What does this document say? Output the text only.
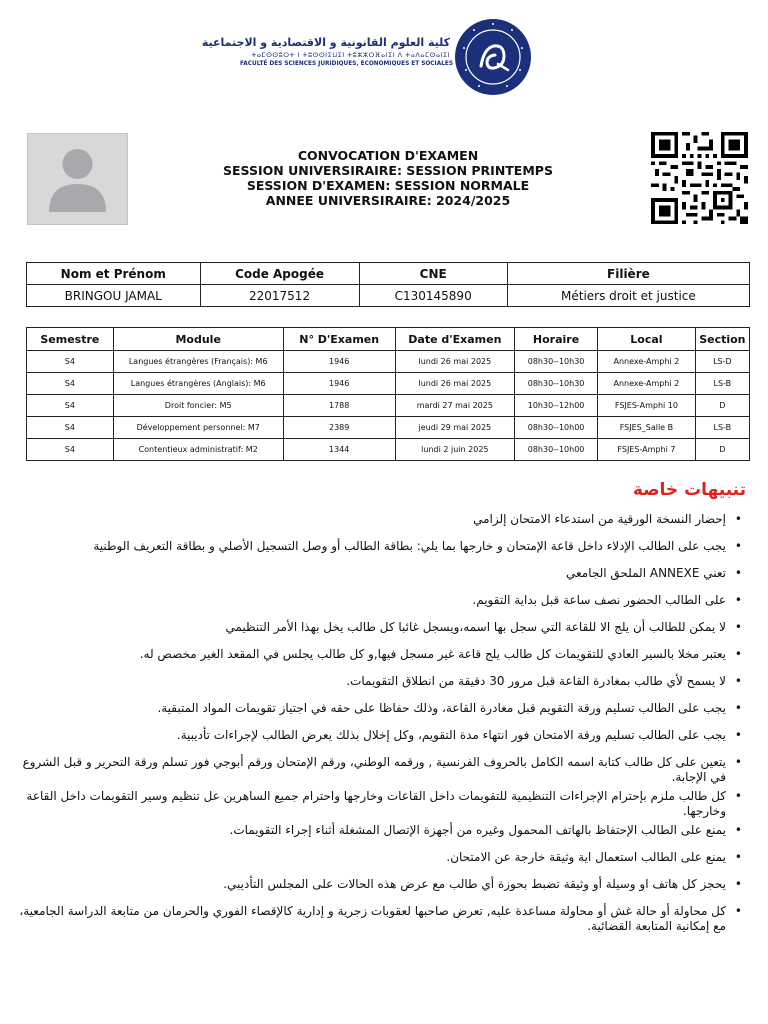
كلية العلوم القانونية و الاقتصادية و الاجتماعية
ⵜⴰⵎⵙⵙⵓⵔⵜ ⵏ ⵜⵓⵙⵙⵏⵉⵡⵉⵏ ⵜⵓⵣⵣⵔⴼⴰⵏⵉⵏ ⴷ ⵜⴰⴷⴰⵎⵙⴰⵏⵉⵏ
FACULTÉ DES SCIENCES JURIDIQUES, ECONOMIQUES ET SOCIALES
CONVOCATION D'EXAMEN
SESSION UNIVERSIRAIRE: SESSION PRINTEMPS
SESSION D'EXAMEN: SESSION NORMALE
ANNEE UNIVERSIRAIRE: 2024/2025
Nom et Prénom	Code Apogée	CNE	Filière
BRINGOU JAMAL	22017512	C130145890	Métiers droit et justice
Semestre	Module	N° D'Examen	Date d'Examen	Horaire	Local	Section
S4	Langues étrangères (Français): M6	1946	lundi 26 mai 2025	08h30--10h30	Annexe-Amphi 2	LS-D
S4	Langues étrangères (Anglais): M6	1946	lundi 26 mai 2025	08h30--10h30	Annexe-Amphi 2	LS-B
S4	Droit foncier: M5	1788	mardi 27 mai 2025	10h30--12h00	FSJES-Amphi 10	D
S4	Développement personnel: M7	2389	jeudi 29 mai 2025	08h30--10h00	FSJES_Salle B	LS-B
S4	Contentieux administratif: M2	1344	lundi 2 juin 2025	08h30--10h00	FSJES-Amphi 7	D
تنبيهات خاصة
• إحضار النسخة الورقية من استدعاء الامتحان إلزامي
• يجب على الطالب الإدلاء داخل قاعة الإمتحان و خارجها بما يلي: بطاقة الطالب أو وصل التسجيل الأصلي و بطاقة التعريف الوطنية
• تعني ANNEXE الملحق الجامعي
• على الطالب الحضور نصف ساعة قبل بداية التقويم.
• لا يمكن للطالب أن يلج الا للقاعة التي سجل بها اسمه،ويسجل غائبا كل طالب يخل بهذا الأمر التنظيمي
• يعتبر مخلا بالسير العادي للتقويمات كل طالب يلج قاعة غير مسجل فيها,و كل طالب يجلس في المقعد الغير مخصص له.
• لا يسمح لأي طالب بمغادرة القاعة قبل مرور 30 دقيقة من انطلاق التقويمات.
• يجب على الطالب تسليم ورقة التقويم قبل مغادرة القاعة، وذلك حفاظا على حقه في اجتياز تقويمات المواد المتبقية.
• يجب على الطالب تسليم ورقة الامتحان فور انتهاء مدة التقويم، وكل إخلال بذلك يعرض الطالب لإجراءات تأديبية.
• يتعين على كل طالب كتابة اسمه الكامل بالحروف الفرنسية , ورقمه الوطني، ورقم الإمتحان ورقم أبوجي فور تسلم ورقة التحرير و قبل الشروع في الإجابة.
• كل طالب ملزم بإحترام الإجراءات التنظيمية للتقويمات داخل القاعات وخارجها واحترام جميع الساهرين عل تنظيم وسير التقويمات داخل القاعة وخارجها.
• يمنع على الطالب الإحتفاظ بالهاتف المحمول وغيره من أجهزة الإتصال المشغلة أثناء إجراء التقويمات.
• يمنع على الطالب استعمال اية وثيقة خارجة عن الامتحان.
• يحجز كل هاتف او وسيلة أو وثيقة تضبط بحوزة أي طالب مع عرض هذه الحالات على المجلس التأديبي.
• كل محاولة أو حالة غش أو محاولة مساعدة عليه, تعرض صاحبها لعقوبات زجرية و إدارية كالإقصاء الفوري والحرمان من متابعة الدراسة الجامعية، مع إمكانية المتابعة القضائية.
